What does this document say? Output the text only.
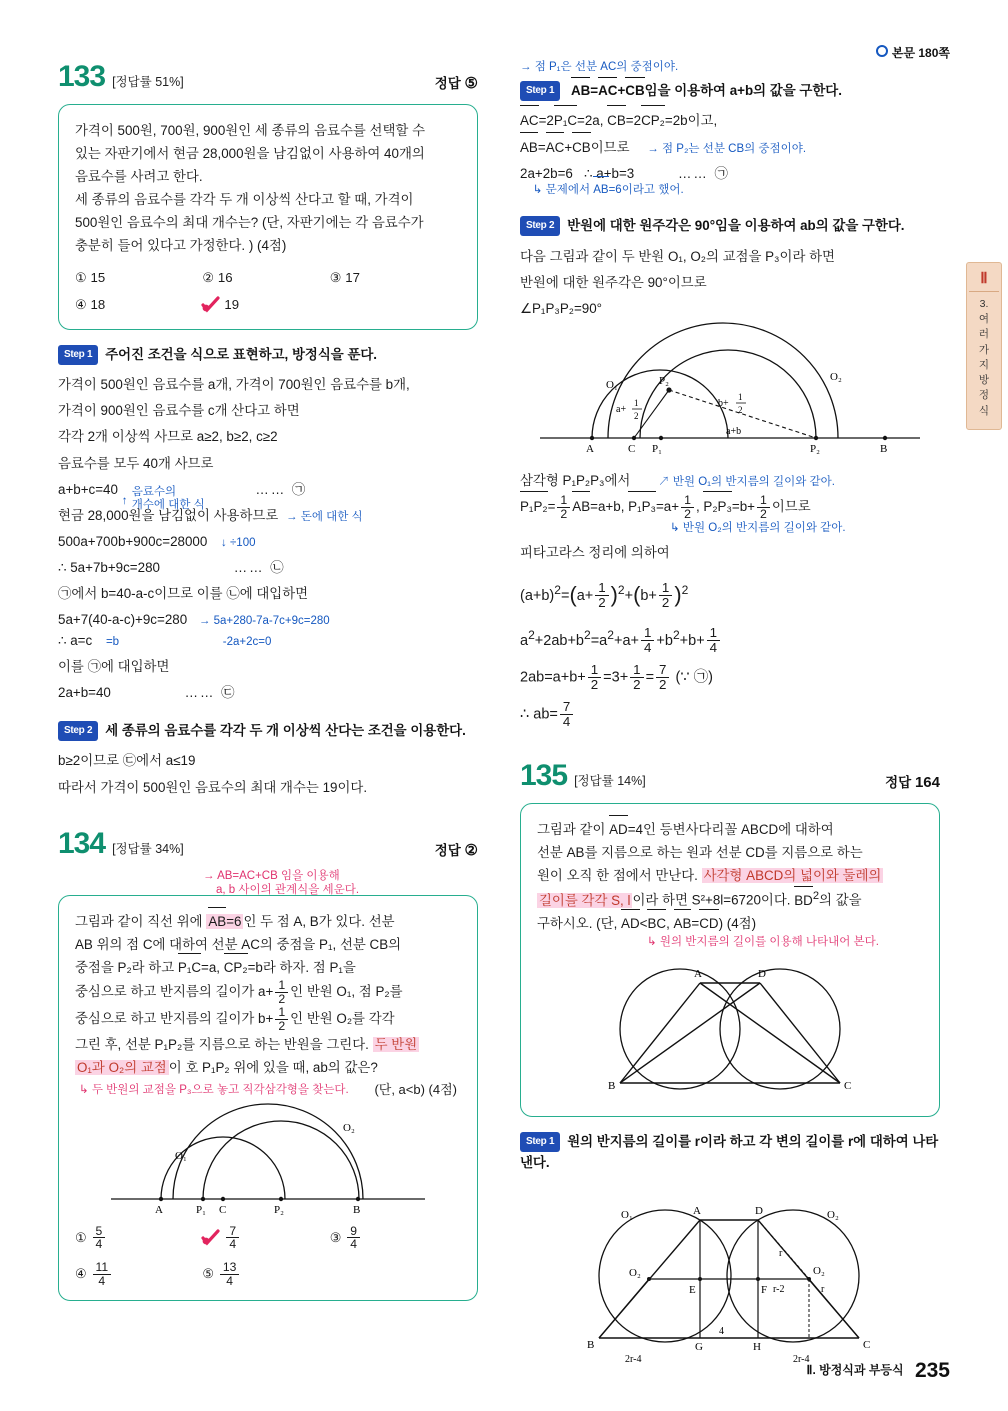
본문 180쪽
Ⅱ
3.
여
러
가
지
방
정
식
133 [정답률 51%]	정답 ⑤
가격이 500원, 700원, 900원인 세 종류의 음료수를 선택할 수
있는 자판기에서 현금 28,000원을 남김없이 사용하여 40개의
음료수를 사려고 한다.
세 종류의 음료수를 각각 두 개 이상씩 산다고 할 때, 가격이
500원인 음료수의 최대 개수는? (단, 자판기에는 각 음료수가
충분히 들어 있다고 가정한다. ) (4점)
① 15	② 16	③ 17
④ 18	19
Step 1 주어진 조건을 식으로 표현하고, 방정식을 푼다.
가격이 500원인 음료수를 a개, 가격이 700원인 음료수를 b개,
가격이 900원인 음료수를 c개 산다고 하면
각각 2개 이상씩 사므로 a≥2, b≥2, c≥2
음료수를 모두 40개 사므로
a+b+c=40 음료수의
개수에 대한 식
↑
…… ㉠
현금 28,000원을 남김없이 사용하므로 → 돈에 대한 식
500a+700b+900c=28000 ↓ ÷100
∴ 5a+7b+9c=280	…… ㉡
㉠에서 b=40-a-c이므로 이를 ㉡에 대입하면
5a+7(40-a-c)+9c=280 → 5a+280-7a-7c+9c=280
∴ a=c =b	-2a+2c=0
이를 ㉠에 대입하면
2a+b=40	…… ㉢
Step 2 세 종류의 음료수를 각각 두 개 이상씩 산다는 조건을 이용한다.
b≥2이므로 ㉢에서 a≤19
따라서 가격이 500원인 음료수의 최대 개수는 19이다.
134 [정답률 34%]	정답 ②
→ AB=AC+CB 임을 이용해
a, b 사이의 관계식을 세운다.
그림과 같이 직선 위에 AB=6 인 두 점 A, B가 있다. 선분
AB 위의 점 C에 대하여 선분 AC의 중점을 P₁, 선분 CB의
중점을 P₂라 하고 P₁C=a, CP₂=b라 하자. 점 P₁을
중심으로 하고 반지름의 길이가 $a+ \frac{1}{2}$ 인 반원 O₁, 점 P₂를
중심으로 하고 반지름의 길이가 $b+ \frac{1}{2}$ 인 반원 O₂를 각각
그린 후, 선분 P₁P₂를 지름으로 하는 반원을 그린다. 두 반원
O₁과 O₂의 교점 이 호 P₁P₂ 위에 있을 때, ab의 값은?
↳ 두 반원의 교점을 P₃으로 놓고 직각삼각형을 찾는다. (단, a<b) (4점)
A	P₁ C	P₂	B
O₁
O₂
① $\frac{5}{4}$	$\frac{7}{4}$	③ $\frac{9}{4}$
④ $\frac{11}{4}$	⑤ $\frac{13}{4}$
→ 점 P₁은 선분 AC의 중점이야.
Step 1 AB=AC+CB임을 이용하여 a+b의 값을 구한다.
AC=2P₁C=2a, CB=2CP₂=2b이고,
AB=AC+CB이므로 → 점 P₂는 선분 CB의 중점이야.
2a+2b=6   ∴ a+b=3	…… ㉠
↳ 문제에서 AB=6이라고 했어.
Step 2 반원에 대한 원주각은 90°임을 이용하여 ab의 값을 구한다.
다음 그림과 같이 두 반원 O₁, O₂의 교점을 P₃이라 하면
반원에 대한 원주각은 90°이므로
∠P₁P₃P₂=90°
A	P₁
C	P₂	B
P₂
O₁
O₂
a+
1
2
b+
1
2
a+b
삼각형 P₁P₂P₃에서 ↗ 반원 O₁의 반지름의 길이와 같아.
$P_1P_2= \frac{1}{2} AB=a+b$, $P_1P_3=a+ \frac{1}{2}$ , $P_2P_3=b+ \frac{1}{2}$ 이므로
↳ 반원 O₂의 반지름의 길이와 같아.
피타고라스 정리에 의하여
$(a+b)^2=(a+ \frac{1}{2} )^2+(b+ \frac{1}{2} )^2$
$a^2+2ab+b^2=a^2+a+ \frac{1}{4} +b^2+b+ \frac{1}{4}$
$2ab=a+b+ \frac{1}{2} =3+ \frac{1}{2} = \frac{7}{2}$ (∵ ㉠)
∴ $ab= \frac{7}{4}$
135 [정답률 14%]	정답 164
그림과 같이 AD=4인 등변사다리꼴 ABCD에 대하여
선분 AB를 지름으로 하는 원과 선분 CD를 지름으로 하는
원이 오직 한 점에서 만난다. 사각형 ABCD의 넓이와 둘레의
길이를 각각 S, l 이라 하면 S²+8l=6720이다. $BD^2$의 값을
구하시오. (단, AD<BC, AB=CD) (4점)
↳ 원의 반지름의 길이를 이용해 나타내어 본다.
A	D
B	C
Step 1 원의 반지름의 길이를 r이라 하고 각 변의 길이를 r에 대하여 나타낸다.
A	D
B	C
O₂	O₂
O₁	O₂
E	F
G	H
r
r
r-2
4
2r-4	2r-4
Ⅱ. 방정식과 부등식 235
